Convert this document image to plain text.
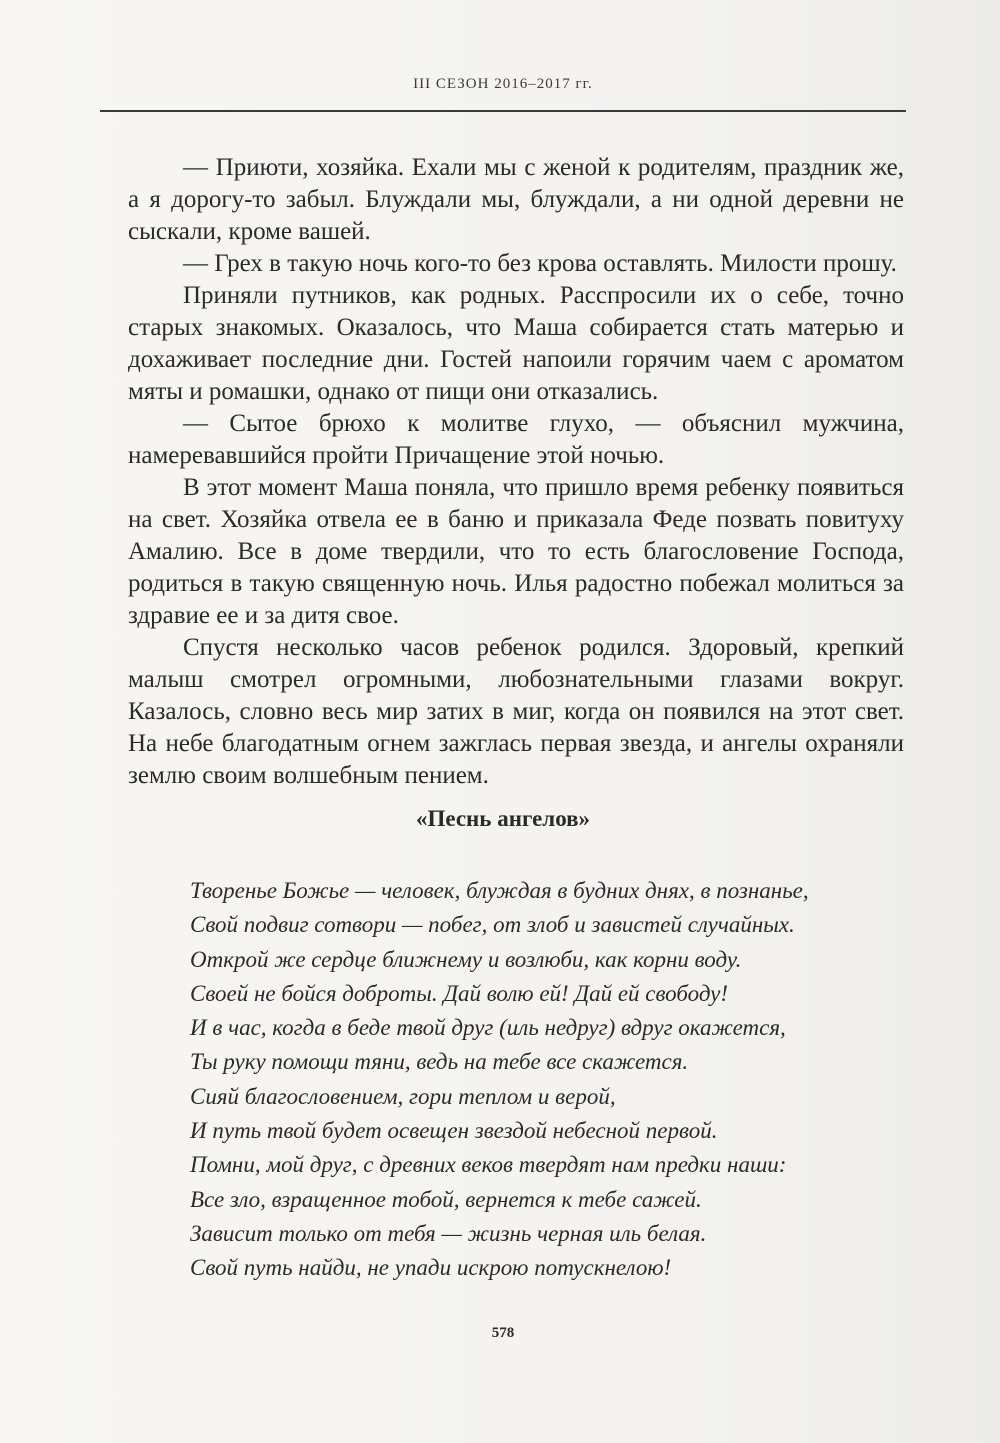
III СЕЗОН 2016–2017 гг.

— Приюти, хозяйка. Ехали мы с женой к родителям, праздник же, а я дорогу-то забыл. Блуждали мы, блуждали, а ни одной деревни не сыскали, кроме вашей.

— Грех в такую ночь кого-то без крова оставлять. Милости прошу.

Приняли путников, как родных. Расспросили их о себе, точно старых знакомых. Оказалось, что Маша собирается стать матерью и дохаживает последние дни. Гостей напоили горячим чаем с ароматом мяты и ромашки, однако от пищи они отказались.

— Сытое брюхо к молитве глухо, — объяснил мужчина, намеревавшийся пройти Причащение этой ночью.

В этот момент Маша поняла, что пришло время ребенку появиться на свет. Хозяйка отвела ее в баню и приказала Феде позвать повитуху Амалию. Все в доме твердили, что то есть благословение Господа, родиться в такую священную ночь. Илья радостно побежал молиться за здравие ее и за дитя свое.

Спустя несколько часов ребенок родился. Здоровый, крепкий малыш смотрел огромными, любознательными глазами вокруг. Казалось, словно весь мир затих в миг, когда он появился на этот свет. На небе благодатным огнем зажглась первая звезда, и ангелы охраняли землю своим волшебным пением.

«Песнь ангелов»
Творенье Божье — человек, блуждая в будних днях, в познанье,
Свой подвиг сотвори — побег, от злоб и завистей случайных.
Открой же сердце ближнему и возлюби, как корни воду.
Своей не бойся доброты. Дай волю ей! Дай ей свободу!
И в час, когда в беде твой друг (иль недруг) вдруг окажется,
Ты руку помощи тяни, ведь на тебе все скажется.
Сияй благословением, гори теплом и верой,
И путь твой будет освещен звездой небесной первой.
Помни, мой друг, с древних веков твердят нам предки наши:
Все зло, взращенное тобой, вернется к тебе сажей.
Зависит только от тебя — жизнь черная иль белая.
Свой путь найди, не упади искрою потускнелою!
578
